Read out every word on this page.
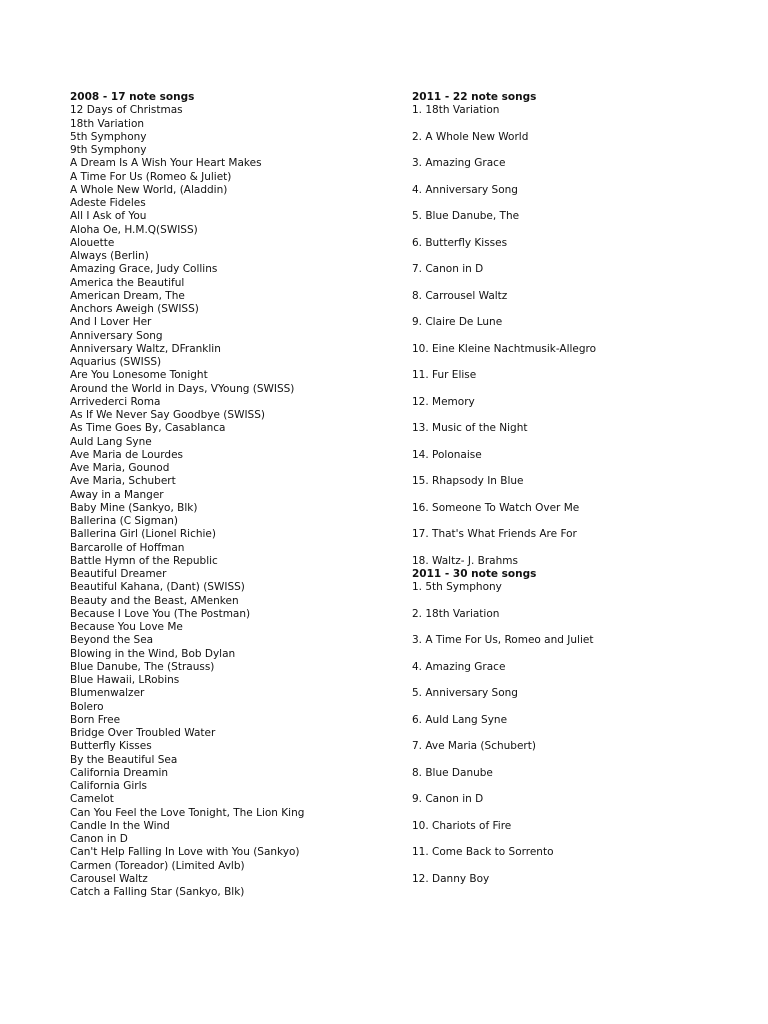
2008 - 17 note songs
12 Days of Christmas
18th Variation
5th Symphony
9th Symphony
A Dream Is A Wish Your Heart Makes
A Time For Us (Romeo & Juliet)
A Whole New World, (Aladdin)
Adeste Fideles
All I Ask of You
Aloha Oe, H.M.Q(SWISS)
Alouette
Always (Berlin)
Amazing Grace, Judy Collins
America the Beautiful
American Dream, The
Anchors Aweigh (SWISS)
And I Lover Her
Anniversary Song
Anniversary Waltz, DFranklin
Aquarius (SWISS)
Are You Lonesome Tonight
Around the World in Days, VYoung (SWISS)
Arrivederci Roma
As If We Never Say Goodbye (SWISS)
As Time Goes By, Casablanca
Auld Lang Syne
Ave Maria de Lourdes
Ave Maria, Gounod
Ave Maria, Schubert
Away in a Manger
Baby Mine (Sankyo, Blk)
Ballerina (C Sigman)
Ballerina Girl (Lionel Richie)
Barcarolle of Hoffman
Battle Hymn of the Republic
Beautiful Dreamer
Beautiful Kahana, (Dant) (SWISS)
Beauty and the Beast, AMenken
Because I Love You (The Postman)
Because You Love Me
Beyond the Sea
Blowing in the Wind, Bob Dylan
Blue Danube, The (Strauss)
Blue Hawaii, LRobins
Blumenwalzer
Bolero
Born Free
Bridge Over Troubled Water
Butterfly Kisses
By the Beautiful Sea
California Dreamin
California Girls
Camelot
Can You Feel the Love Tonight, The Lion King
Candle In the Wind
Canon in D
Can't Help Falling In Love with You (Sankyo)
Carmen (Toreador) (Limited Avlb)
Carousel Waltz
Catch a Falling Star (Sankyo, Blk)
2011 - 22 note songs
1. 18th Variation
2. A Whole New World
3. Amazing Grace
4. Anniversary Song
5. Blue Danube, The
6. Butterfly Kisses
7. Canon in D
8. Carrousel Waltz
9. Claire De Lune
10. Eine Kleine Nachtmusik-Allegro
11. Fur Elise
12. Memory
13. Music of the Night
14. Polonaise
15. Rhapsody In Blue
16. Someone To Watch Over Me
17. That's What Friends Are For
18. Waltz- J. Brahms
2011 - 30 note songs
1. 5th Symphony
2. 18th Variation
3. A Time For Us, Romeo and Juliet
4. Amazing Grace
5. Anniversary Song
6. Auld Lang Syne
7. Ave Maria (Schubert)
8. Blue Danube
9. Canon in D
10. Chariots of Fire
11. Come Back to Sorrento
12. Danny Boy
